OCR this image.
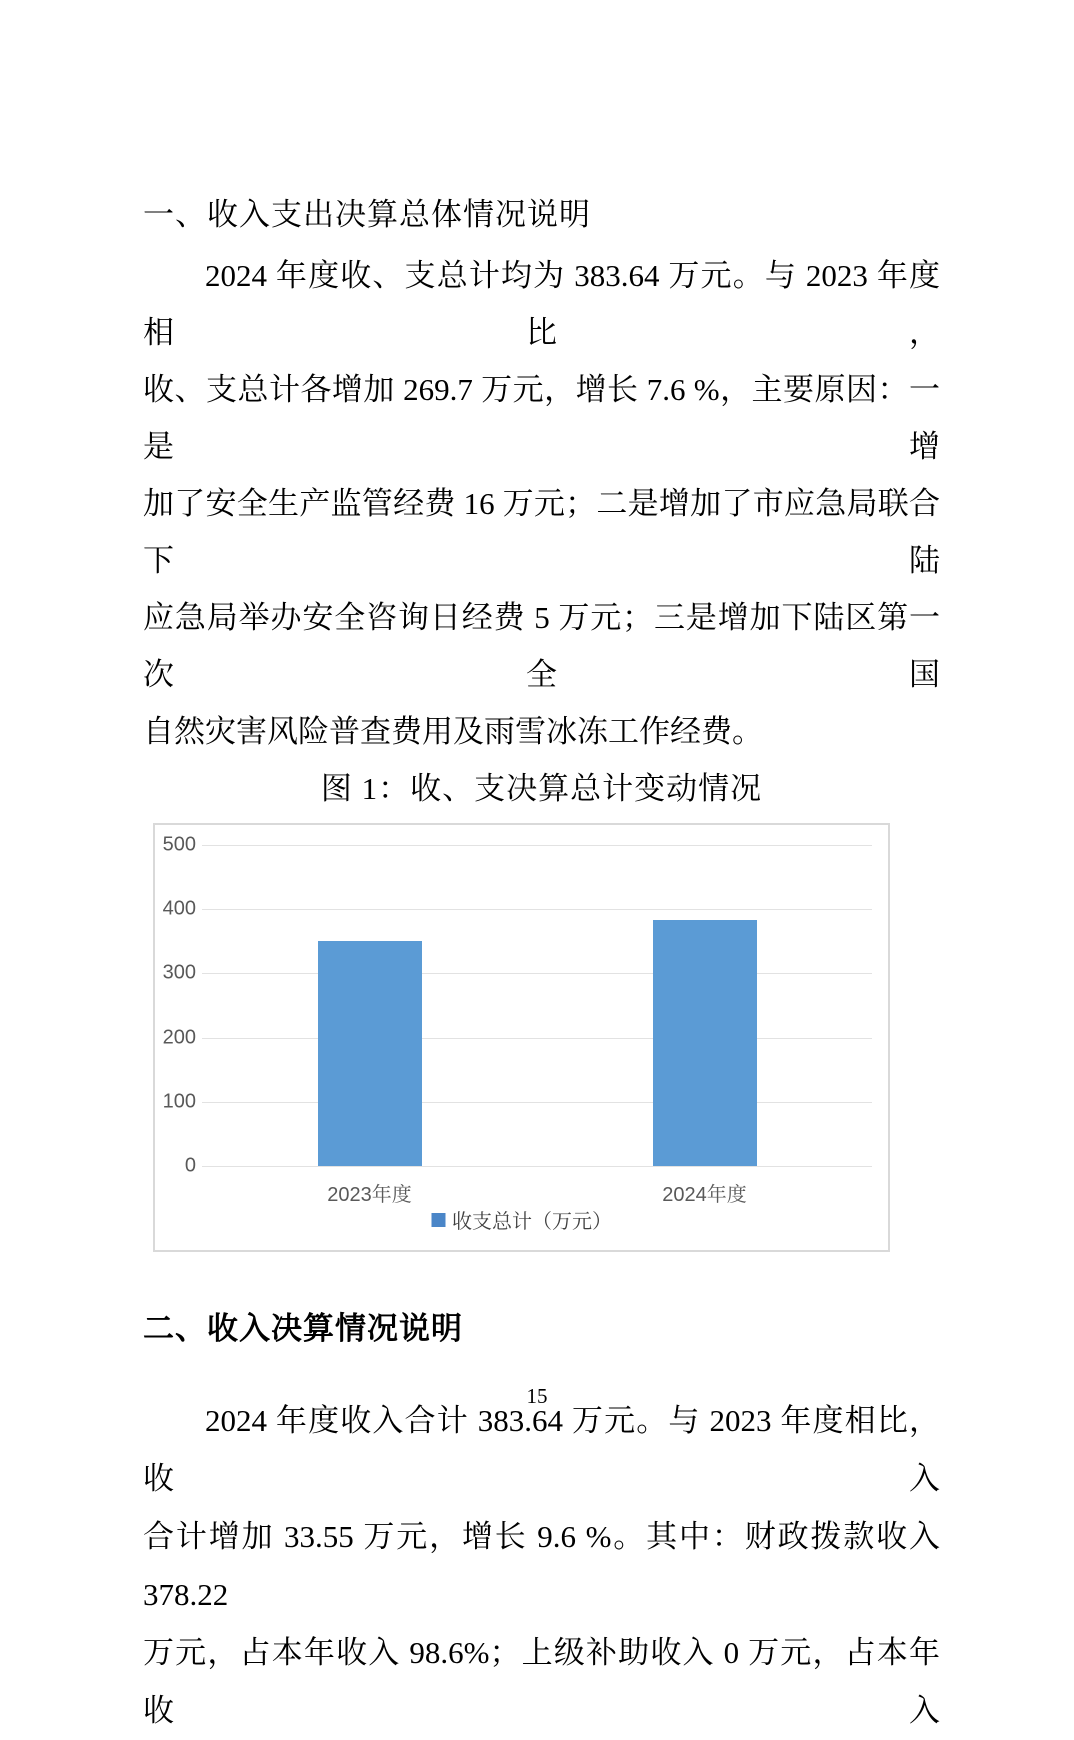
一、收入支出决算总体情况说明
2024 年度收、支总计均为 383.64 万元。与 2023 年度相比，
收、支总计各增加 269.7 万元，增长 7.6 %，主要原因：一是增
加了安全生产监管经费 16 万元；二是增加了市应急局联合下陆
应急局举办安全咨询日经费 5 万元；三是增加下陆区第一次全国
自然灾害风险普查费用及雨雪冰冻工作经费。
图 1：收、支决算总计变动情况
500
400
300
200
100
0
2023年度	2024年度
收支总计（万元）
二、收入决算情况说明
2024 年度收入合计 383.64 万元。与 2023 年度相比，收入
合计增加 33.55 万元，增长 9.6 %。其中：财政拨款收入 378.22
万元，占本年收入 98.6%；上级补助收入 0 万元，占本年收入
15
